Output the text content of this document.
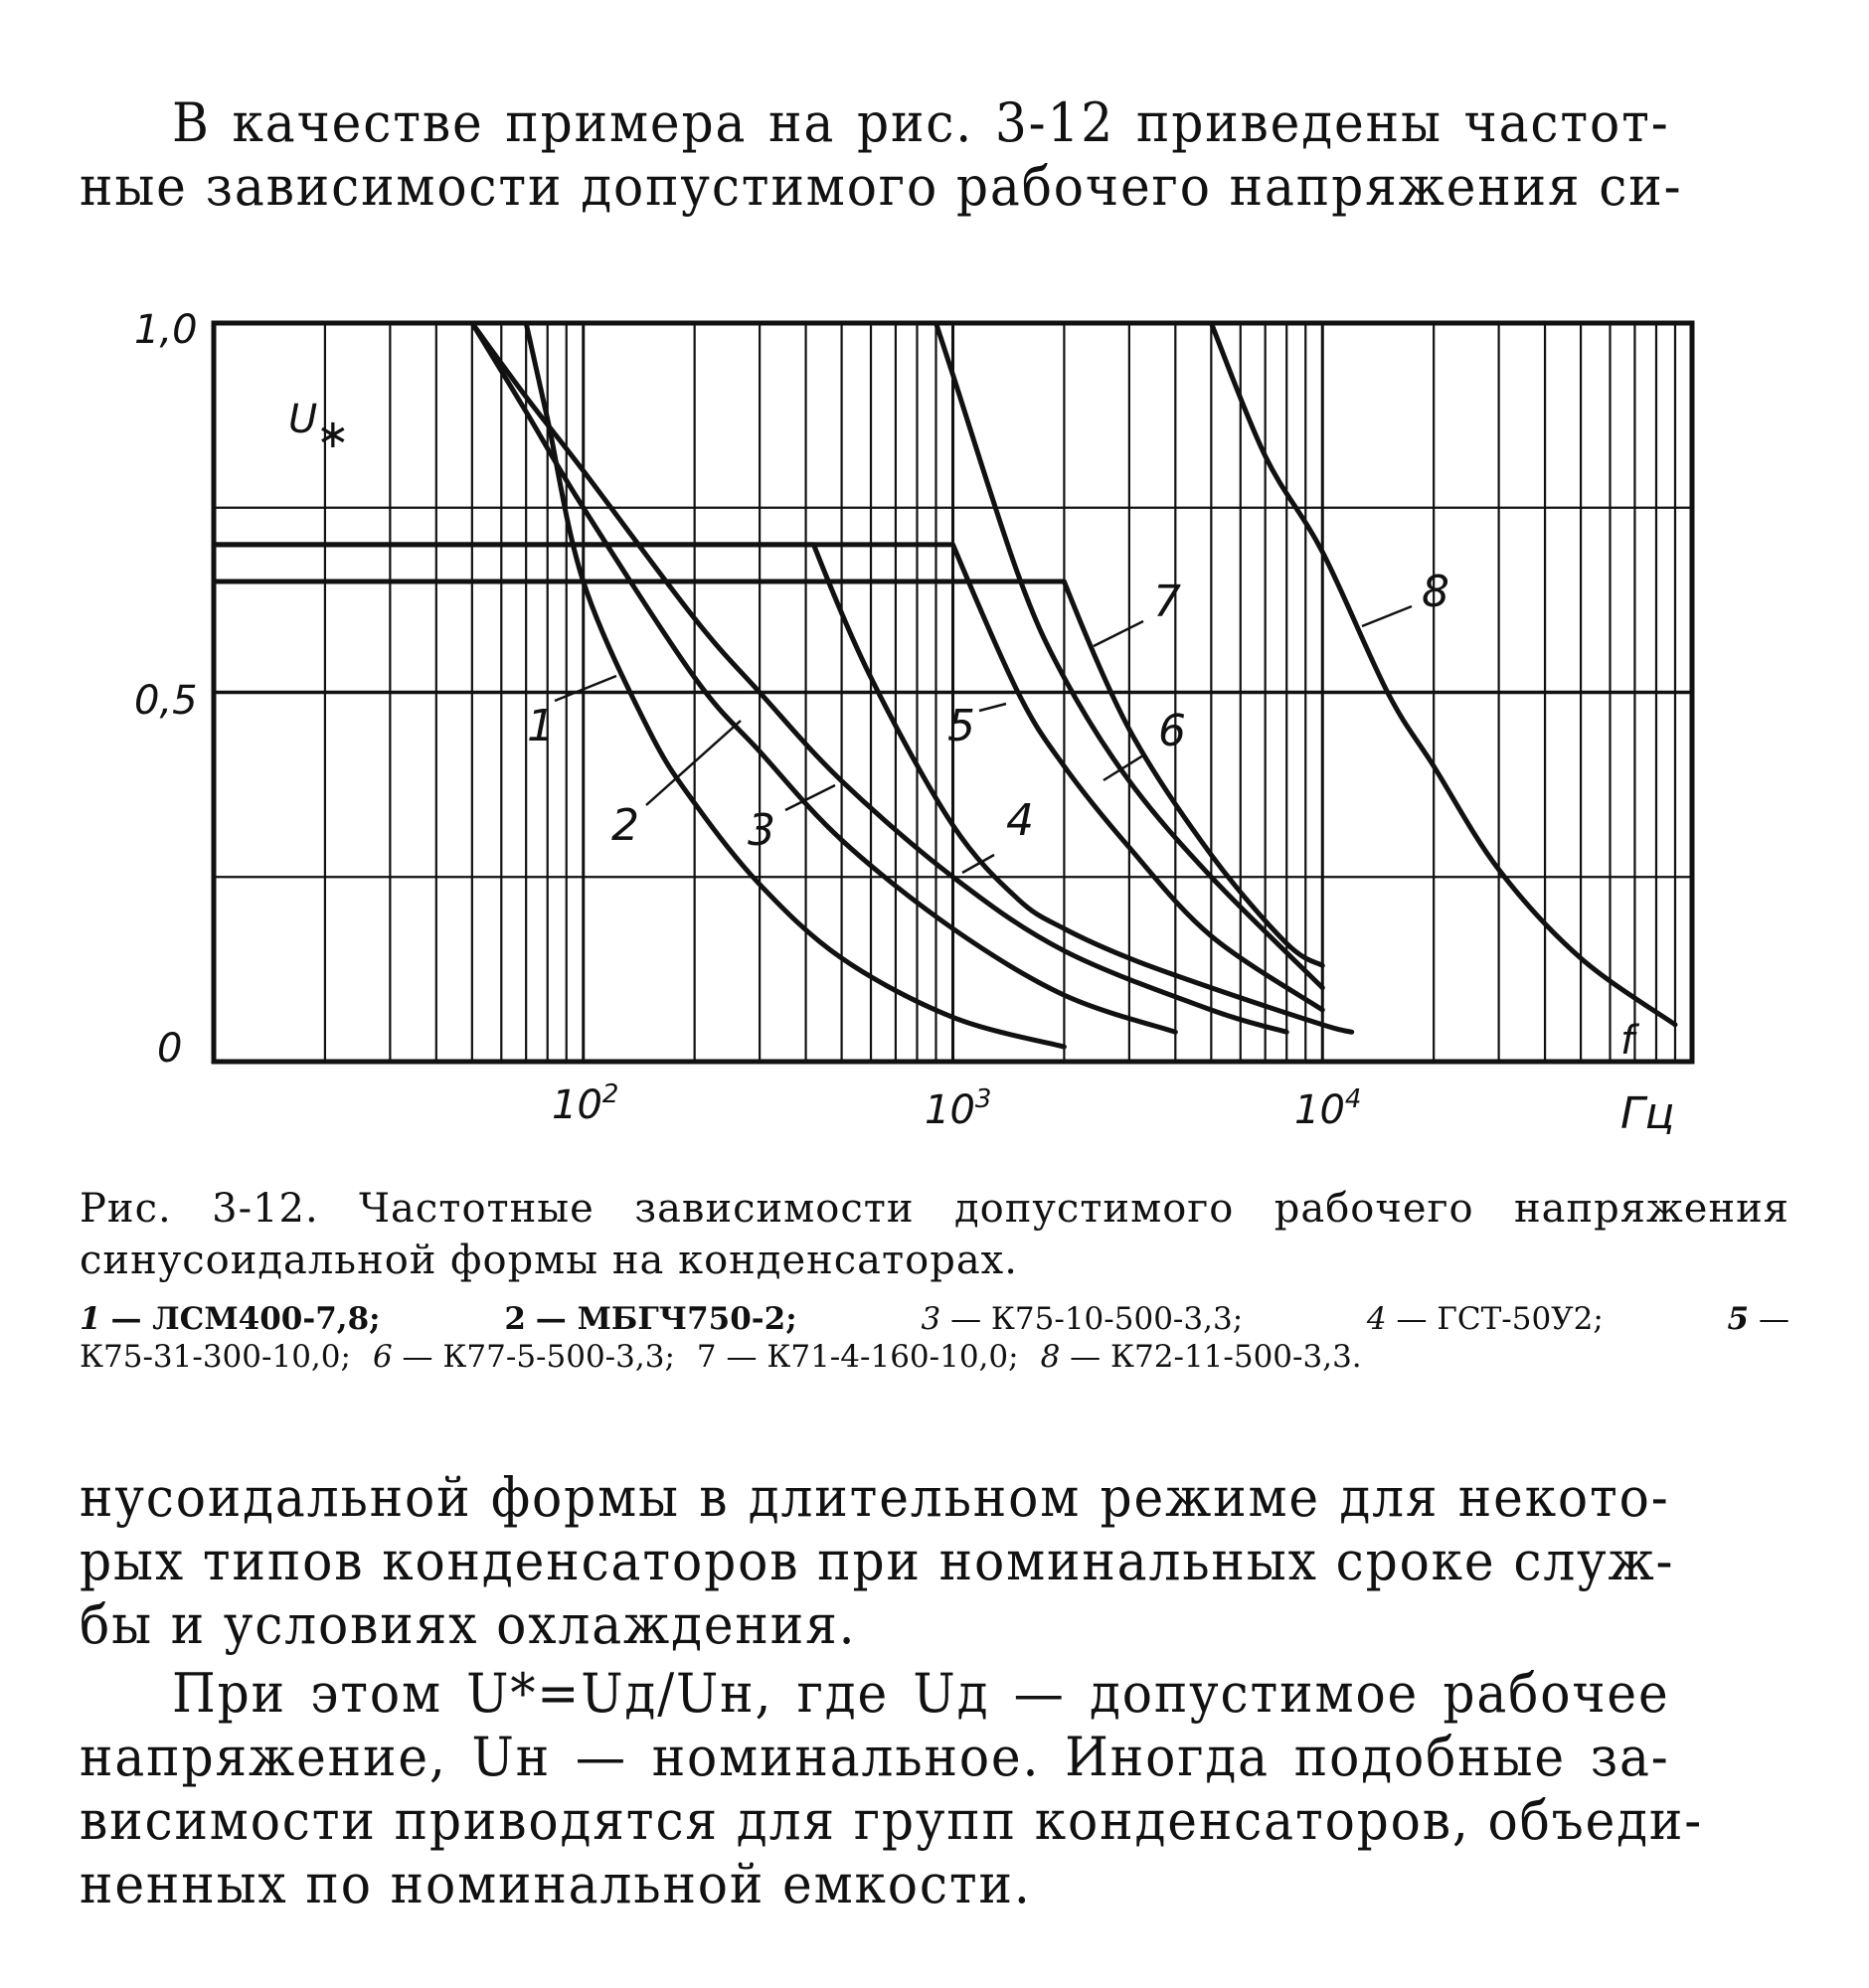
В качестве примера на рис. 3-12 приведены частот-
ные зависимости допустимого рабочего напряжения си-
1,0
0,5
0
U
∗
$10^2$	$10^3$	$10^4$	Гц
f
1
2 3	4
5	6
7	8
Рис. 3-12. Частотные зависимости допустимого рабочего напряжения
синусоидальной формы на конденсаторах.
1 — ЛСМ400-7,8;	2 — МБГЧ750-2;	3 — К75-10-500-3,3;	4 — ГСТ-50У2;	5 —
К75-31-300-10,0; 6 — К77-5-500-3,3; 7 — К71-4-160-10,0; 8 — К72-11-500-3,3.
нусоидальной формы в длительном режиме для некото-
рых типов конденсаторов при номинальных сроке служ-
бы и условиях охлаждения.
При этом U*=Uд/Uн, где Uд — допустимое рабочее
напряжение, Uн — номинальное. Иногда подобные за-
висимости приводятся для групп конденсаторов, объеди-
ненных по номинальной емкости.
